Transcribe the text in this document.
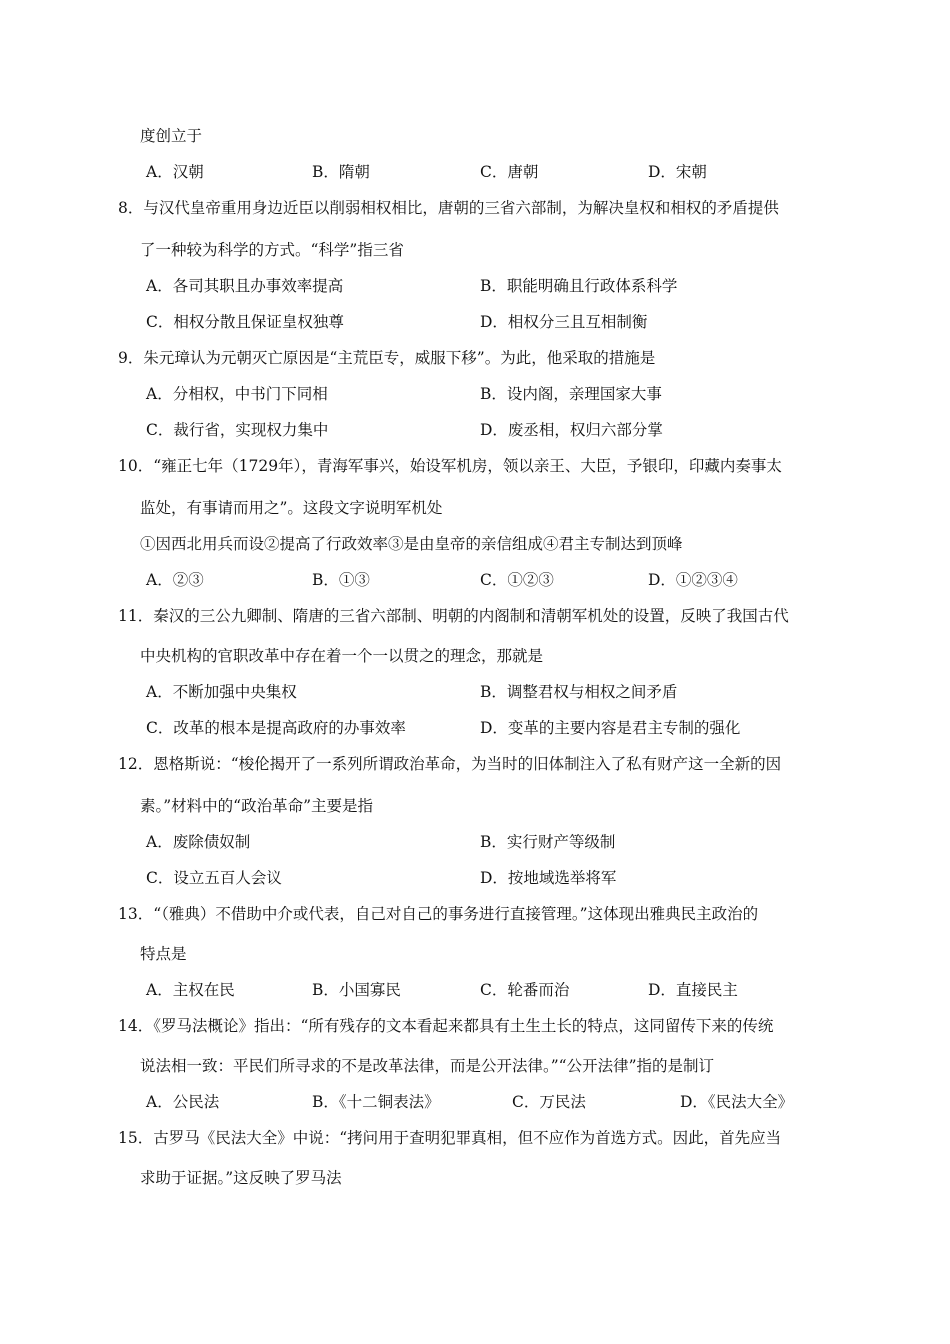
度创立于
A．汉朝	B．隋朝	C．唐朝	D．宋朝
8．与汉代皇帝重用身边近臣以削弱相权相比，唐朝的三省六部制，为解决皇权和相权的矛盾提供
了一种较为科学的方式。“科学”指三省
A．各司其职且办事效率提高	B．职能明确且行政体系科学
C．相权分散且保证皇权独尊	D．相权分三且互相制衡
9．朱元璋认为元朝灭亡原因是“主荒臣专，威服下移”。为此，他采取的措施是
A．分相权，中书门下同相	B．设内阁，亲理国家大事
C．裁行省，实现权力集中	D．废丞相，权归六部分掌
10．“雍正七年（1729年），青海军事兴，始设军机房，领以亲王、大臣，予银印，印藏内奏事太
监处，有事请而用之”。这段文字说明军机处
①因西北用兵而设②提高了行政效率③是由皇帝的亲信组成④君主专制达到顶峰
A．②③	B．①③	C．①②③	D．①②③④
11．秦汉的三公九卿制、隋唐的三省六部制、明朝的内阁制和清朝军机处的设置，反映了我国古代
中央机构的官职改革中存在着一个一以贯之的理念，那就是
A．不断加强中央集权	B．调整君权与相权之间矛盾
C．改革的根本是提高政府的办事效率	D．变革的主要内容是君主专制的强化
12．恩格斯说：“梭伦揭开了一系列所谓政治革命，为当时的旧体制注入了私有财产这一全新的因
素。”材料中的“政治革命”主要是指
A．废除债奴制	B．实行财产等级制
C．设立五百人会议	D．按地域选举将军
13．“（雅典）不借助中介或代表，自己对自己的事务进行直接管理。”这体现出雅典民主政治的
特点是
A．主权在民	B．小国寡民	C．轮番而治	D．直接民主
14．《罗马法概论》指出：“所有残存的文本看起来都具有土生土长的特点，这同留传下来的传统
说法相一致：平民们所寻求的不是改革法律，而是公开法律。”“公开法律”指的是制订
A．公民法	B．《十二铜表法》	C．万民法	D．《民法大全》
15．古罗马《民法大全》中说：“拷问用于查明犯罪真相，但不应作为首选方式。因此，首先应当
求助于证据。”这反映了罗马法
